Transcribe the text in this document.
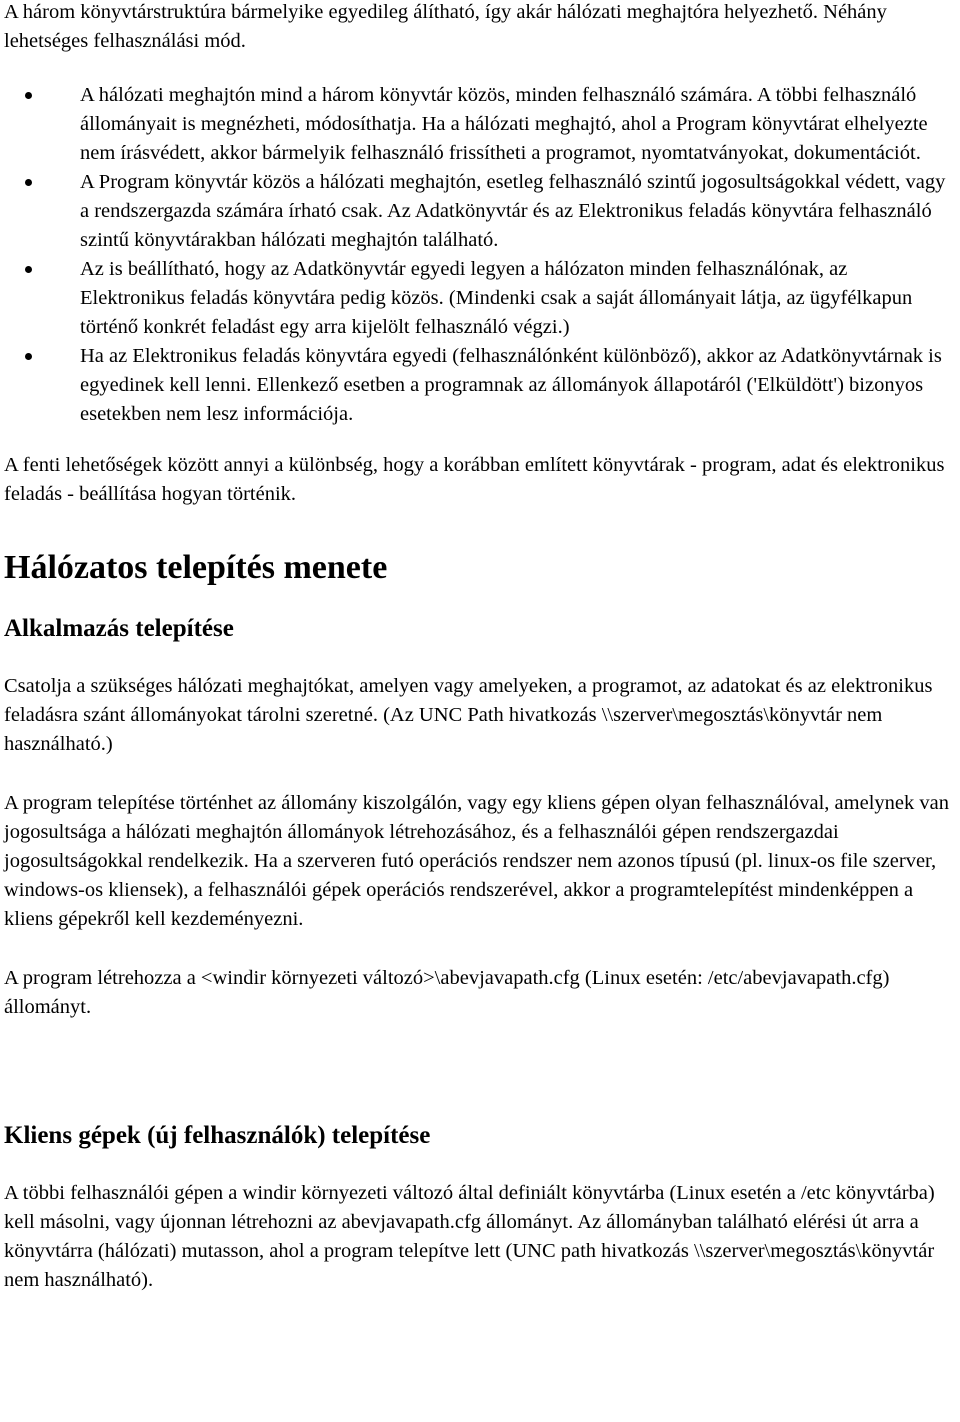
A három könyvtárstruktúra bármelyike egyedileg álítható, így akár hálózati meghajtóra helyezhető. Néhány lehetséges felhasználási mód.

A hálózati meghajtón mind a három könyvtár közös, minden felhasználó számára. A többi felhasználó állományait is megnézheti, módosíthatja. Ha a hálózati meghajtó, ahol a Program könyvtárat elhelyezte nem írásvédett, akkor bármelyik felhasználó frissítheti a programot, nyomtatványokat, dokumentációt.
A Program könyvtár közös a hálózati meghajtón, esetleg felhasználó szintű jogosultságokkal védett, vagy a rendszergazda számára írható csak. Az Adatkönyvtár és az Elektronikus feladás könyvtára felhasználó szintű könyvtárakban hálózati meghajtón található.
Az is beállítható, hogy az Adatkönyvtár egyedi legyen a hálózaton minden felhasználónak, az Elektronikus feladás könyvtára pedig közös. (Mindenki csak a saját állományait látja, az ügyfélkapun történő konkrét feladást egy arra kijelölt felhasználó végzi.)
Ha az Elektronikus feladás könyvtára egyedi (felhasználónként különböző), akkor az Adatkönyvtárnak is egyedinek kell lenni. Ellenkező esetben a programnak az állományok állapotáról ('Elküldött') bizonyos esetekben nem lesz információja.

A fenti lehetőségek között annyi a különbség, hogy a korábban említett könyvtárak - program, adat és elektronikus feladás - beállítása hogyan történik.

Hálózatos telepítés menete
Alkalmazás telepítése

Csatolja a szükséges hálózati meghajtókat, amelyen vagy amelyeken, a programot, az adatokat és az elektronikus feladásra szánt állományokat tárolni szeretné. (Az UNC Path hivatkozás \\szerver\megosztás\könyvtár nem használható.)

A program telepítése történhet az állomány kiszolgálón, vagy egy kliens gépen olyan felhasználóval, amelynek van jogosultsága a hálózati meghajtón állományok létrehozásához, és a felhasználói gépen rendszergazdai jogosultságokkal rendelkezik. Ha a szerveren futó operációs rendszer nem azonos típusú (pl. linux-os file szerver, windows-os kliensek), a felhasználói gépek operációs rendszerével, akkor a programtelepítést mindenképpen a kliens gépekről kell kezdeményezni.

A program létrehozza a <windir környezeti változó>\abevjavapath.cfg (Linux esetén: /etc/abevjavapath.cfg) állományt.

Kliens gépek (új felhasználók) telepítése

A többi felhasználói gépen a windir környezeti változó által definiált könyvtárba (Linux esetén a /etc könyvtárba) kell másolni, vagy újonnan létrehozni az abevjavapath.cfg állományt. Az állományban található elérési út arra a könyvtárra (hálózati) mutasson, ahol a program telepítve lett (UNC path hivatkozás \\szerver\megosztás\könyvtár nem használható).
